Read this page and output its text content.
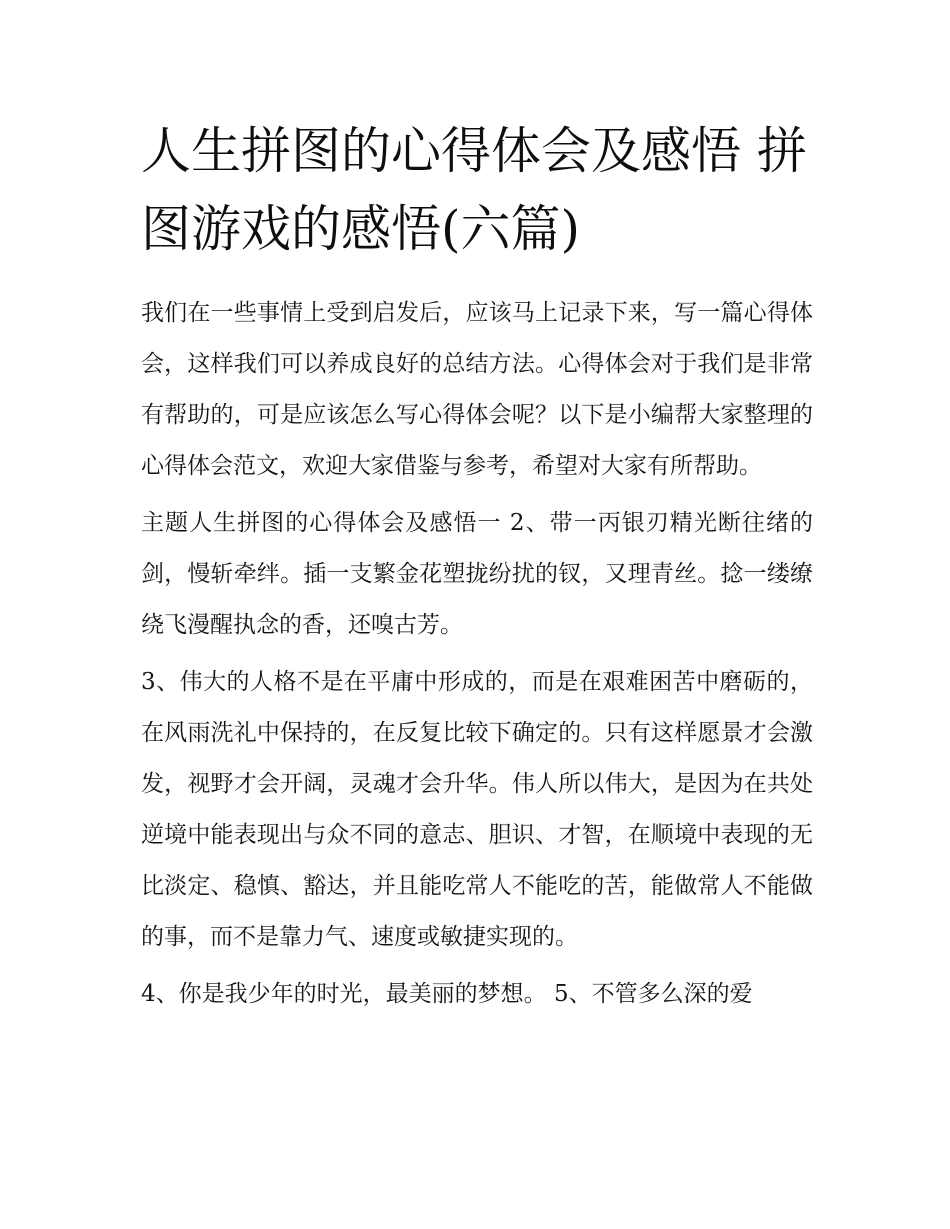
人生拼图的心得体会及感悟 拼图游戏的感悟(六篇)

我们在一些事情上受到启发后，应该马上记录下来，写一篇心得体会，这样我们可以养成良好的总结方法。心得体会对于我们是非常有帮助的，可是应该怎么写心得体会呢？以下是小编帮大家整理的心得体会范文，欢迎大家借鉴与参考，希望对大家有所帮助。

主题人生拼图的心得体会及感悟一 2、带一丙银刃精光断往绪的剑，慢斩牵绊。插一支繁金花塑拢纷扰的钗，又理青丝。捻一缕缭绕飞漫醒执念的香，还嗅古芳。

3、伟大的人格不是在平庸中形成的，而是在艰难困苦中磨砺的，在风雨洗礼中保持的，在反复比较下确定的。只有这样愿景才会激发，视野才会开阔，灵魂才会升华。伟人所以伟大，是因为在共处逆境中能表现出与众不同的意志、胆识、才智，在顺境中表现的无比淡定、稳慎、豁达，并且能吃常人不能吃的苦，能做常人不能做的事，而不是靠力气、速度或敏捷实现的。

4、你是我少年的时光，最美丽的梦想。 5、不管多么深的爱
